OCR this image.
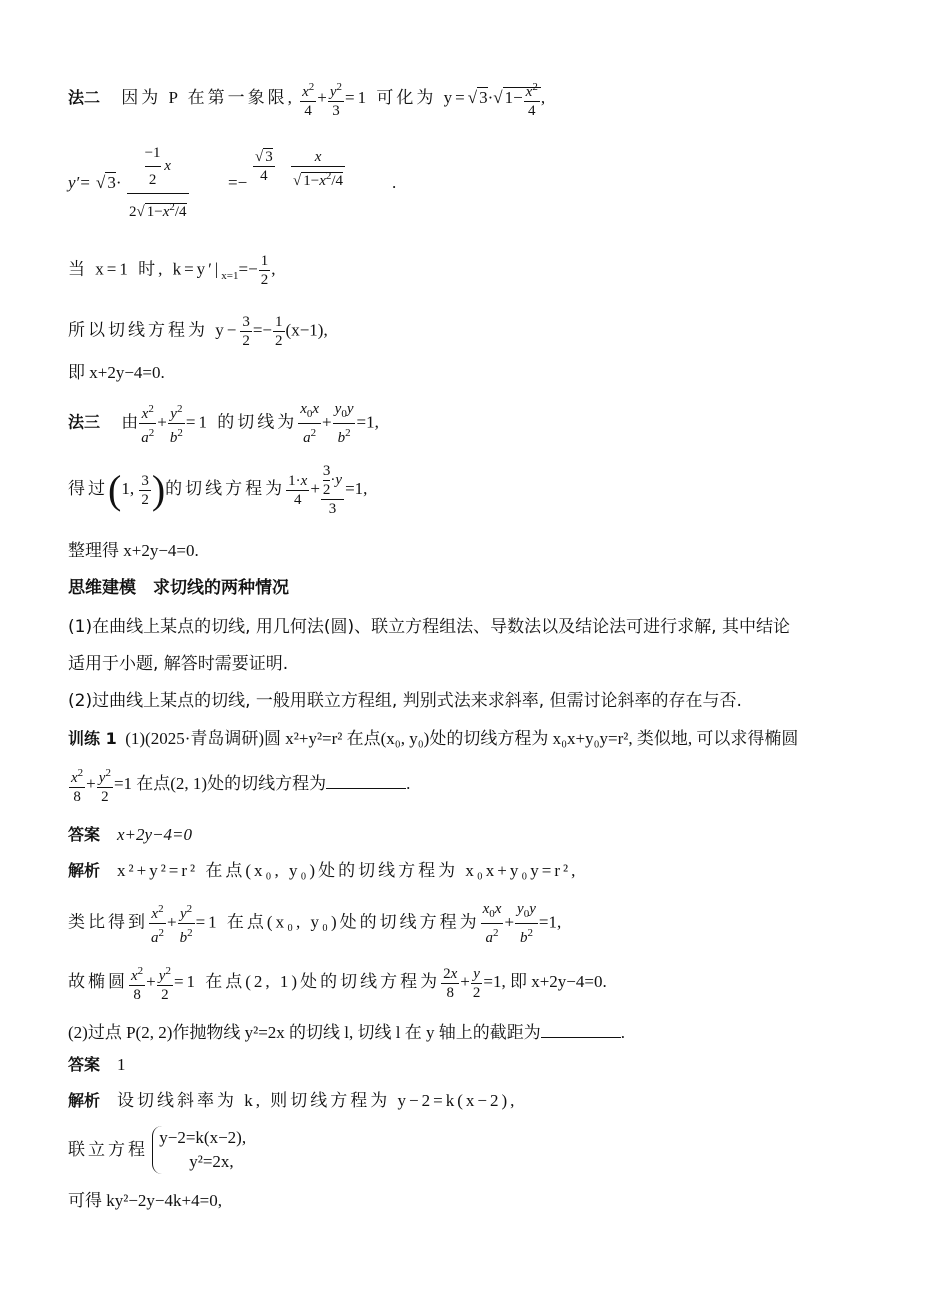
法二 因为 P 在第一象限, $\frac{x^2}{4} + \frac{y^2}{3} =1$ 可化为 y=√ 3·√ $1- \frac{x^2}{4}$ ,
y′= √ $3\cdot \frac{\frac{-1}{2} x}{2√ 1-x^2/4} =- \frac{√ 3}{4} \frac{x}{√ 1-x^2/4}$	.
当 x=1 时, $k=y'|_{x=1}=- \frac{1}{2}$ ,
所以切线方程为 $y- \frac{3}{2} =- \frac{1}{2} (x-1)$,
即 x+2y−4=0.
法三 由 $\frac{x^2}{a^2} + \frac{y^2}{b^2} =1$ 的切线为 $\frac{x_0x}{a^2} + \frac{y_0y}{b^2} =1$,
得过(1, $\frac{3}{2}$ )的切线方程为 $\frac{1\cdot x}{4} + \frac{\frac{3}{2} \cdot y}{3} =1$,
整理得 x+2y−4=0.
思维建模　求切线的两种情况
(1)在曲线上某点的切线, 用几何法(圆)、联立方程组法、导数法以及结论法可进行求解, 其中结论
适用于小题, 解答时需要证明.
(2)过曲线上某点的切线, 一般用联立方程组, 判别式法来求斜率, 但需讨论斜率的存在与否.
训练 1 (1)(2025·青岛调研)圆 x²+y²=r² 在点(x₀, y₀)处的切线方程为 x₀x+y₀y=r², 类似地, 可以求得椭圆
$\frac{x^2}{8} + \frac{y^2}{2} =1$ 在点(2, 1)处的切线方程为	.
答案 x+2y−4=0
解析 x²+y²=r² 在点(x₀, y₀)处的切线方程为 x₀x+y₀y=r²,
类比得到 $\frac{x^2}{a^2} + \frac{y^2}{b^2} =1$ 在点(x₀, y₀)处的切线方程为 $\frac{x_0x}{a^2} + \frac{y_0y}{b^2} =1$,
故椭圆 $\frac{x^2}{8} + \frac{y^2}{2} =1$ 在点(2, 1)处的切线方程为 $\frac{2x}{8} + \frac{y}{2} =1$, 即 x+2y−4=0.
(2)过点 P(2, 2)作抛物线 y²=2x 的切线 l, 切线 l 在 y 轴上的截距为	.
答案 1
解析 设切线斜率为 k, 则切线方程为 y−2=k(x−2),
联立方程
y−2=k(x−2),
y²=2x,
可得 ky²−2y−4k+4=0,
